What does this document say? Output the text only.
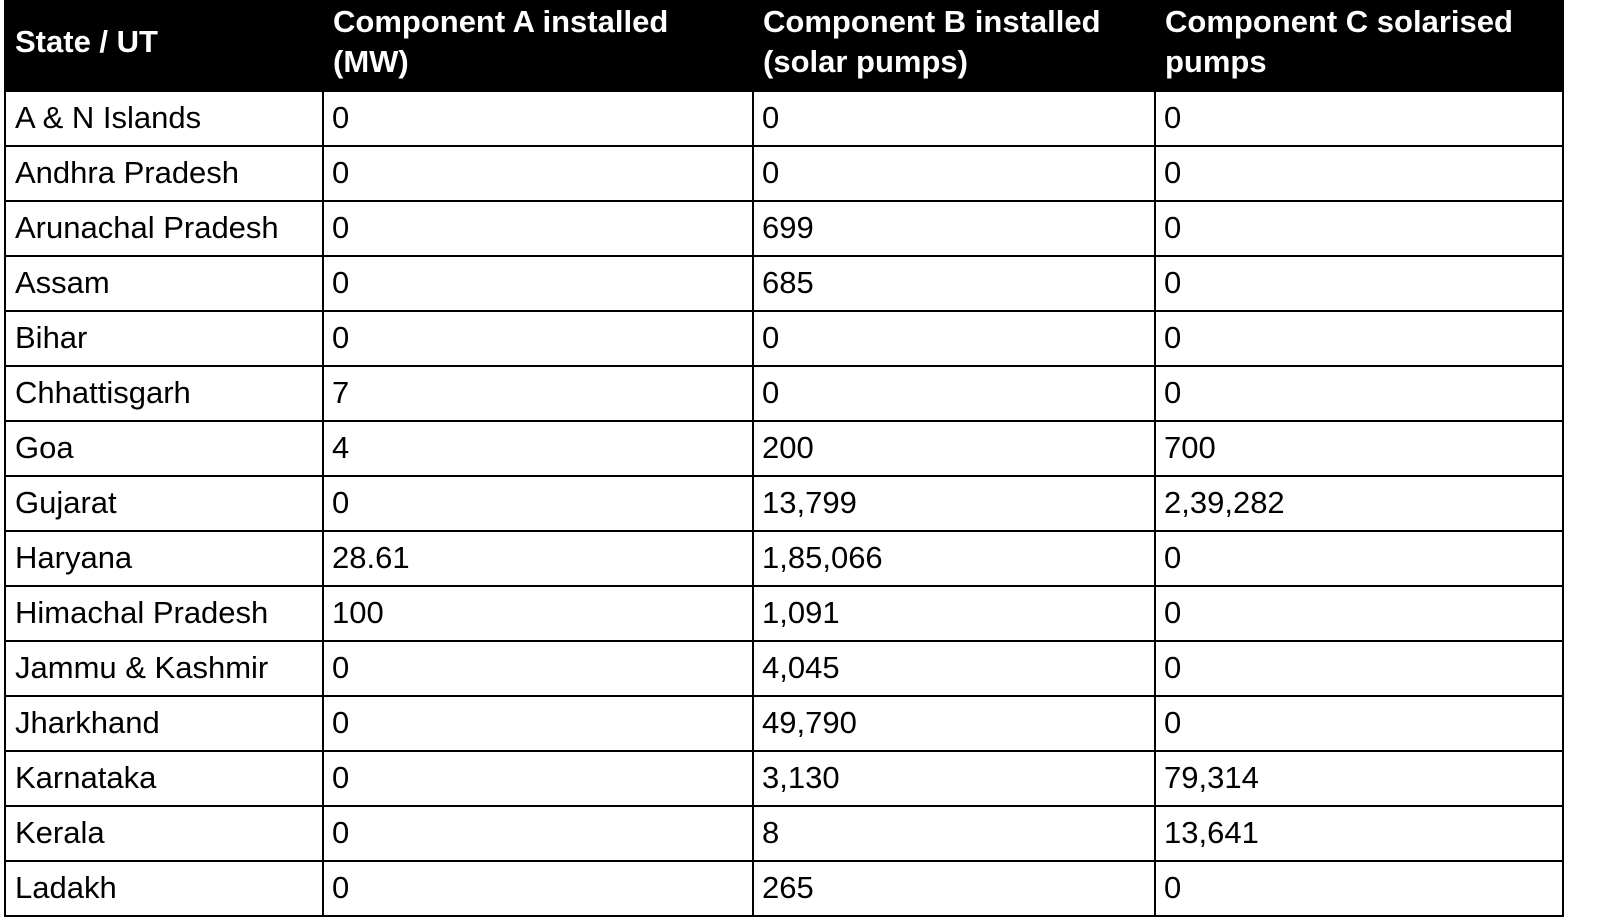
State / UT	Component A installed (MW)	Component B installed (solar pumps)	Component C solarised pumps
A & N Islands	0	0	0
Andhra Pradesh	0	0	0
Arunachal Pradesh	0	699	0
Assam	0	685	0
Bihar	0	0	0
Chhattisgarh	7	0	0
Goa	4	200	700
Gujarat	0	13,799	2,39,282
Haryana	28.61	1,85,066	0
Himachal Pradesh	100	1,091	0
Jammu & Kashmir	0	4,045	0
Jharkhand	0	49,790	0
Karnataka	0	3,130	79,314
Kerala	0	8	13,641
Ladakh	0	265	0
